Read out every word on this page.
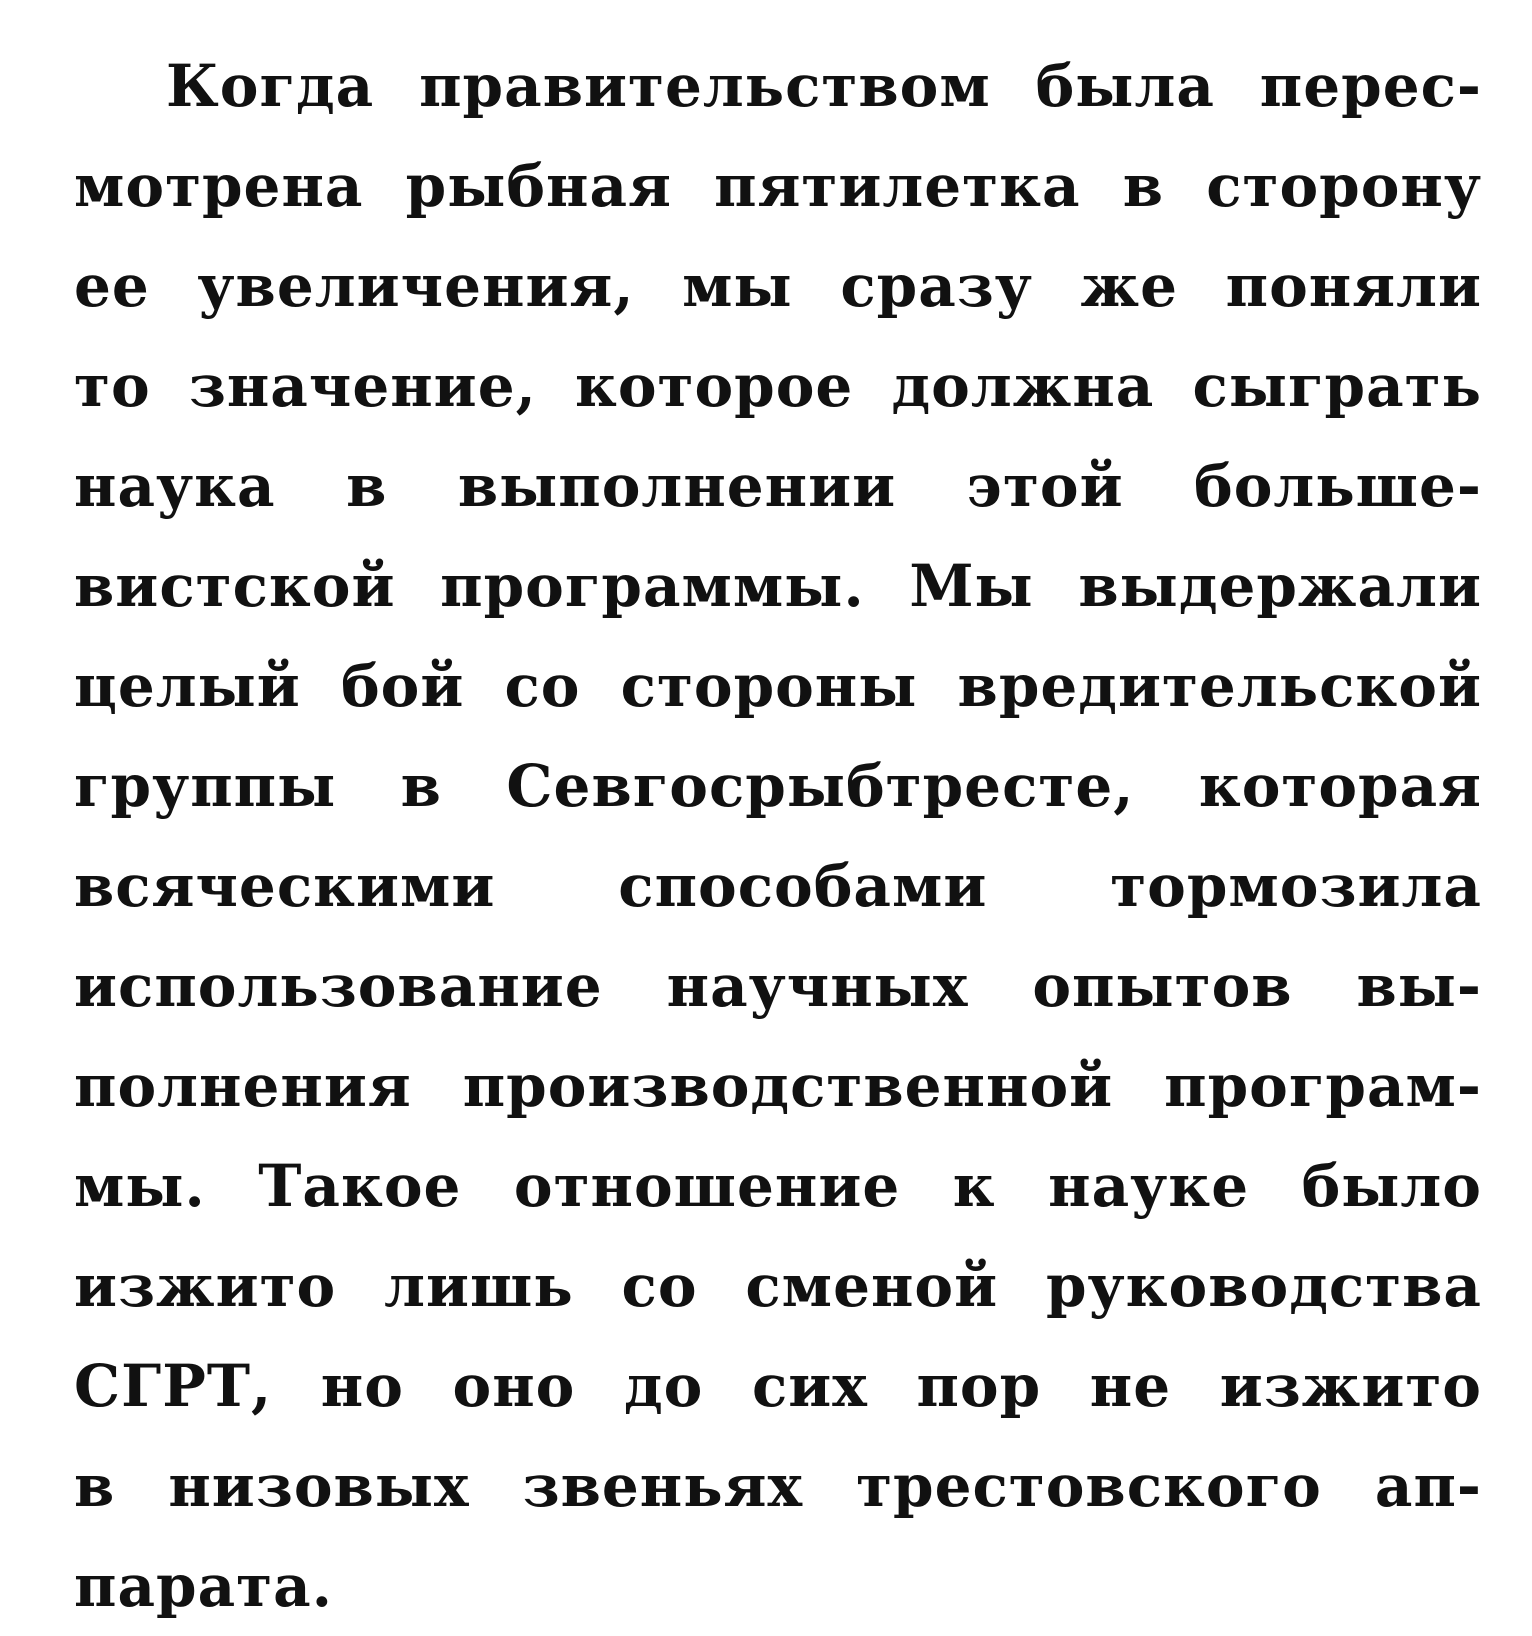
Когда правительством была перес-
мотрена рыбная пятилетка в сторону
ее увеличения, мы сразу же поняли
то значение, которое должна сыграть
наука в выполнении этой большe-
вистской программы. Мы выдержали
целый бой со стороны вредительской
группы в Севгосрыбтресте, которая
всяческими способами тормозила
использование научных опытов вы-
полнения производственной програм-
мы. Такое отношение к науке было
изжито лишь со сменой руководства
СГРТ, но оно до сих пор не изжито
в низовых звеньях трестовского ап-
парата.
